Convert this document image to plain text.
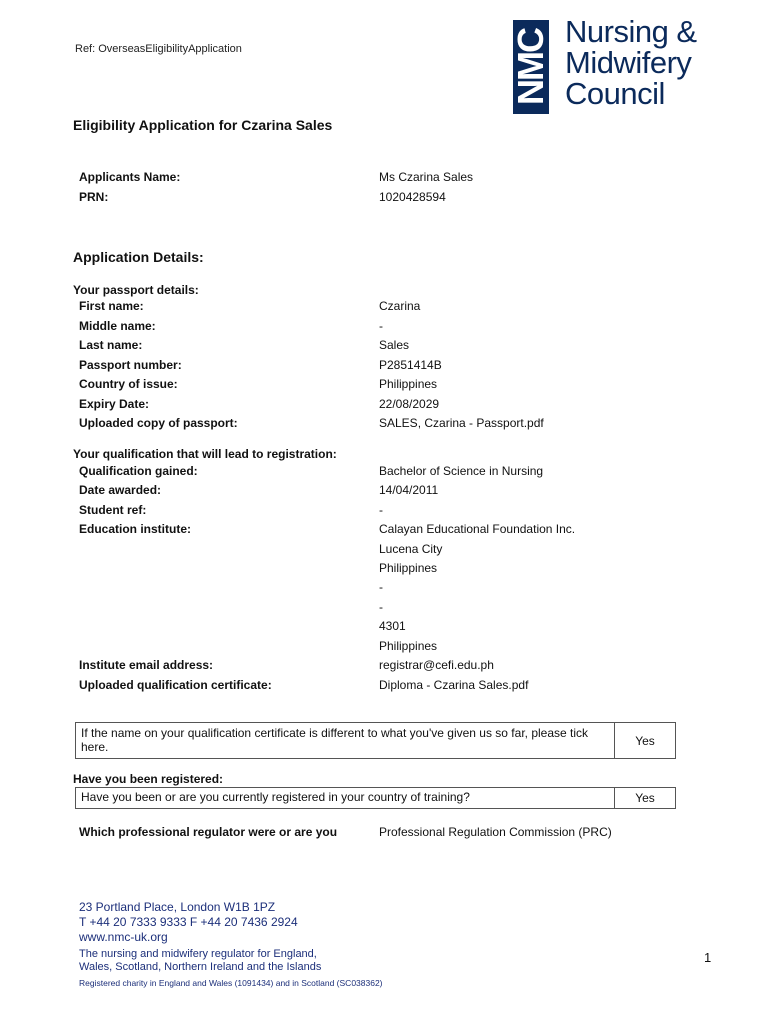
Ref: OverseasEligibilityApplication	NMC Nursing &
Midwifery
Council
Eligibility Application for Czarina Sales
Applicants Name:	Ms Czarina Sales
PRN:	1020428594
Application Details:
Your passport details:
First name:	Czarina
Middle name:	-
Last name:	Sales
Passport number:	P2851414B
Country of issue:	Philippines
Expiry Date:	22/08/2029
Uploaded copy of passport:	SALES, Czarina - Passport.pdf
Your qualification that will lead to registration:
Qualification gained:	Bachelor of Science in Nursing
Date awarded:	14/04/2011
Student ref:	-
Education institute:	Calayan Educational Foundation Inc.
Lucena City
Philippines
-
-
4301
Philippines
Institute email address:	registrar@cefi.edu.ph
Uploaded qualification certificate:	Diploma - Czarina Sales.pdf
If the name on your qualification certificate is different to what you've given us so far, please tick here.	Yes
Have you been registered:
Have you been or are you currently registered in your country of training?	Yes
Which professional regulator were or are you	Professional Regulation Commission (PRC)
23 Portland Place, London W1B 1PZ
T +44 20 7333 9333 F +44 20 7436 2924
www.nmc-uk.org
The nursing and midwifery regulator for England,
Wales, Scotland, Northern Ireland and the Islands
Registered charity in England and Wales (1091434) and in Scotland (SC038362)
1
